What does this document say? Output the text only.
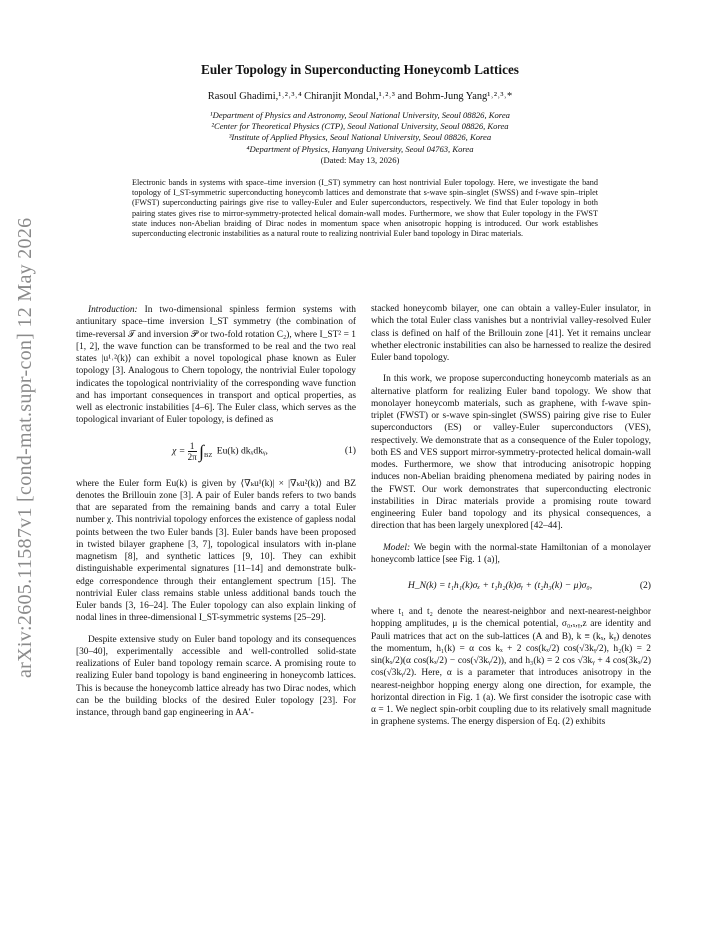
arXiv:2605.11587v1 [cond-mat.supr-con] 12 May 2026
Euler Topology in Superconducting Honeycomb Lattices
Rasoul Ghadimi,¹˒²˒³˒⁴ Chiranjit Mondal,¹˒²˒³ and Bohm-Jung Yang¹˒²˒³˒*
¹Department of Physics and Astronomy, Seoul National University, Seoul 08826, Korea
²Center for Theoretical Physics (CTP), Seoul National University, Seoul 08826, Korea
³Institute of Applied Physics, Seoul National University, Seoul 08826, Korea
⁴Department of Physics, Hanyang University, Seoul 04763, Korea
(Dated: May 13, 2026)
Electronic bands in systems with space–time inversion (I_ST) symmetry can host nontrivial Euler topology. Here, we investigate the band topology of I_ST-symmetric superconducting honeycomb lattices and demonstrate that s-wave spin–singlet (SWSS) and f-wave spin–triplet (FWST) superconducting pairings give rise to valley-Euler and Euler superconductors, respectively. We find that Euler topology in both pairing states gives rise to mirror-symmetry-protected helical domain-wall modes. Furthermore, we show that Euler topology in the FWST state induces non-Abelian braiding of Dirac nodes in momentum space when anisotropic hopping is introduced. Our work establishes superconducting electronic instabilities as a natural route to realizing nontrivial Euler band topology in Dirac materials.

Introduction: In two-dimensional spinless fermion systems with antiunitary space–time inversion I_ST symmetry (the combination of time-reversal 𝒯 and inversion 𝒫 or two-fold rotation C₂), where I_ST² = 1 [1, 2], the wave function can be transformed to be real and the two real states |u¹˒²(k)⟩ can exhibit a novel topological phase known as Euler topology [3]. Analogous to Chern topology, the nontrivial Euler topology indicates the topological nontriviality of the corresponding wave function and has important consequences in transport and optical properties, as well as electronic instabilities [4–6]. The Euler class, which serves as the topological invariant of Euler topology, is defined as

$\chi = \frac{1}{2\pi} \int_{BZ}$ Eu(k) dkₓdkᵧ,	(1)

where the Euler form Eu(k) is given by ⟨∇ₖu¹(k)| × |∇ₖu²(k)⟩ and BZ denotes the Brillouin zone [3]. A pair of Euler bands refers to two bands that are separated from the remaining bands and carry a total Euler number χ. This nontrivial topology enforces the existence of gapless nodal points between the two Euler bands [3]. Euler bands have been proposed in twisted bilayer graphene [3, 7], topological insulators with in-plane magnetism [8], and synthetic lattices [9, 10]. They can exhibit distinguishable experimental signatures [11–14] and demonstrate bulk-edge correspondence through their entanglement spectrum [15]. The nontrivial Euler class remains stable unless additional bands touch the Euler bands [3, 16–24]. The Euler topology can also explain linking of nodal lines in three-dimensional I_ST-symmetric systems [25–29].

Despite extensive study on Euler band topology and its consequences [30–40], experimentally accessible and well-controlled solid-state realizations of Euler band topology remain scarce. A promising route to realizing Euler band topology is band engineering in honeycomb lattices. This is because the honeycomb lattice already has two Dirac nodes, which can be the building blocks of the desired Euler topology [23]. For instance, through band gap engineering in AA′-

stacked honeycomb bilayer, one can obtain a valley-Euler insulator, in which the total Euler class vanishes but a nontrivial valley-resolved Euler class is defined on half of the Brillouin zone [41]. Yet it remains unclear whether electronic instabilities can also be harnessed to realize the desired Euler band topology.

In this work, we propose superconducting honeycomb materials as an alternative platform for realizing Euler band topology. We show that monolayer honeycomb materials, such as graphene, with f-wave spin-triplet (FWST) or s-wave spin-singlet (SWSS) pairing give rise to Euler superconductors (ES) or valley-Euler superconductors (VES), respectively. We demonstrate that as a consequence of the Euler topology, both ES and VES support mirror-symmetry-protected helical domain-wall modes. Furthermore, we show that introducing anisotropic hopping induces non-Abelian braiding phenomena mediated by pairing nodes in the FWST. Our work demonstrates that superconducting electronic instabilities in Dirac materials provide a promising route toward engineering Euler band topology and its physical consequences, a direction that has been largely unexplored [42–44].

Model: We begin with the normal-state Hamiltonian of a monolayer honeycomb lattice [see Fig. 1 (a)],

H_N(k) = t₁h₁(k)σₓ + t₁h₂(k)σᵧ + (t₂h₃(k) − μ)σ₀,	(2)

where t₁ and t₂ denote the nearest-neighbor and next-nearest-neighbor hopping amplitudes, μ is the chemical potential, σ₀,ₓ,ᵧ,z are identity and Pauli matrices that act on the sub-lattices (A and B), k ≡ (kₓ, kᵧ) denotes the momentum, h₁(k) = α cos kₓ + 2 cos(kₓ/2) cos(√3kᵧ/2), h₂(k) = 2 sin(kₓ/2)(α cos(kₓ/2) − cos(√3kᵧ/2)), and h₃(k) = 2 cos √3kᵧ + 4 cos(3kₓ/2) cos(√3kᵧ/2). Here, α is a parameter that introduces anisotropy in the nearest-neighbor hopping energy along one direction, for example, the horizontal direction in Fig. 1 (a). We first consider the isotropic case with α = 1. We neglect spin-orbit coupling due to its relatively small magnitude in graphene systems. The energy dispersion of Eq. (2) exhibits
